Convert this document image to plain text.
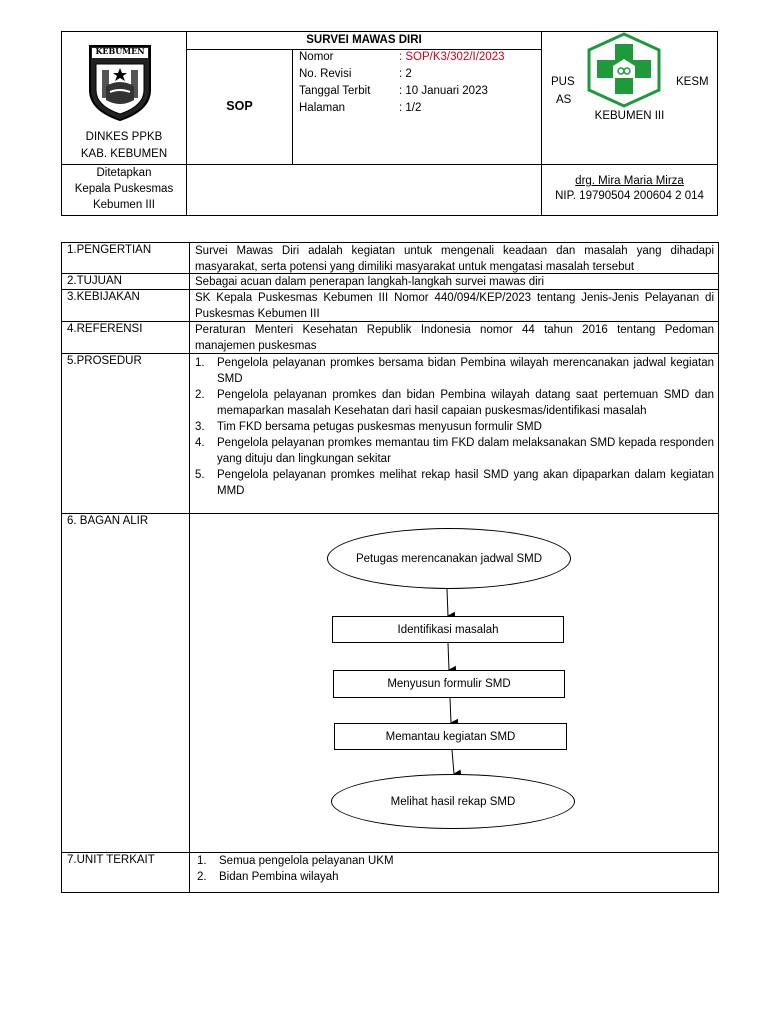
KEBUMEN
DINKES PPKB
KAB. KEBUMEN
SURVEI MAWAS DIRI
SOP
Nomor	: SOP/K3/302/I/2023
No. Revisi	: 2
Tanggal Terbit : 10 Januari 2023
Halaman	: 1/2
PUS
AS
KESM
KEBUMEN III
Ditetapkan
Kepala Puskesmas
Kebumen III
drg. Mira Maria Mirza
NIP. 19790504 200604 2 014
1.PENGERTIAN	Survei Mawas Diri adalah kegiatan untuk mengenali keadaan dan masalah yang dihadapi masyarakat, serta potensi yang dimiliki masyarakat untuk mengatasi masalah tersebut
2.TUJUAN	Sebagai acuan dalam penerapan langkah-langkah survei mawas diri
3.KEBIJAKAN	SK Kepala Puskesmas Kebumen III Nomor 440/094/KEP/2023 tentang Jenis-Jenis Pelayanan di Puskesmas Kebumen III
4.REFERENSI	Peraturan Menteri Kesehatan Republik Indonesia nomor 44 tahun 2016 tentang Pedoman manajemen puskesmas
5.PROSEDUR	1.	Pengelola pelayanan promkes bersama bidan Pembina wilayah merencanakan jadwal kegiatan SMD
2.	Pengelola pelayanan promkes dan bidan Pembina wilayah datang saat pertemuan SMD dan memaparkan masalah Kesehatan dari hasil capaian puskesmas/identifikasi masalah
3.	Tim FKD bersama petugas puskesmas menyusun formulir SMD
4.	Pengelola pelayanan promkes memantau tim FKD dalam melaksanakan SMD kepada responden yang dituju dan lingkungan sekitar
5.	Pengelola pelayanan promkes melihat rekap hasil SMD yang akan dipaparkan dalam kegiatan MMD
6. BAGAN ALIR
Petugas merencanakan jadwal SMD
Identifikasi masalah
Menyusun formulir SMD
Memantau kegiatan SMD
Melihat hasil rekap SMD
7.UNIT TERKAIT	1.	Semua pengelola pelayanan UKM
2.	Bidan Pembina wilayah
